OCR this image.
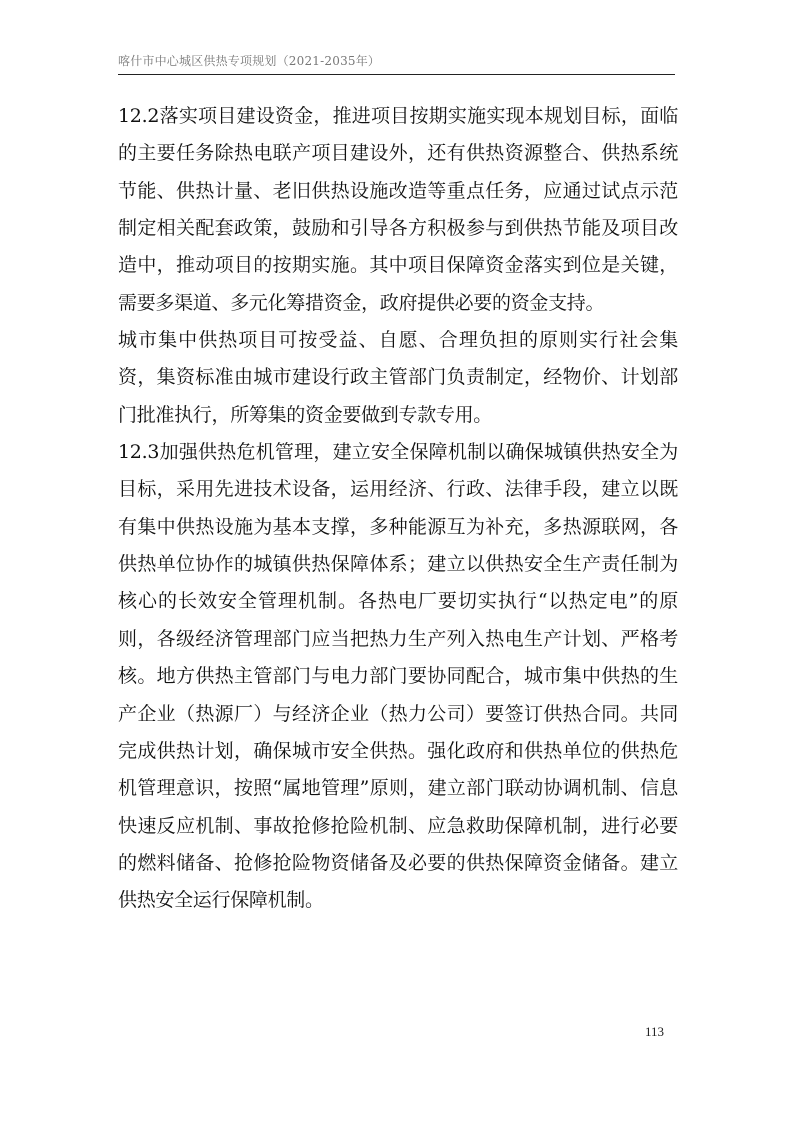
喀什市中心城区供热专项规划（2021-2035年）

12.2落实项目建设资金，推进项目按期实施实现本规划目标，面临的主要任务除热电联产项目建设外，还有供热资源整合、供热系统节能、供热计量、老旧供热设施改造等重点任务，应通过试点示范制定相关配套政策，鼓励和引导各方积极参与到供热节能及项目改造中，推动项目的按期实施。其中项目保障资金落实到位是关键，需要多渠道、多元化筹措资金，政府提供必要的资金支持。

城市集中供热项目可按受益、自愿、合理负担的原则实行社会集资，集资标准由城市建设行政主管部门负责制定，经物价、计划部门批准执行，所筹集的资金要做到专款专用。

12.3加强供热危机管理，建立安全保障机制以确保城镇供热安全为目标，采用先进技术设备，运用经济、行政、法律手段，建立以既有集中供热设施为基本支撑，多种能源互为补充，多热源联网，各供热单位协作的城镇供热保障体系；建立以供热安全生产责任制为核心的长效安全管理机制。各热电厂要切实执行“以热定电”的原则，各级经济管理部门应当把热力生产列入热电生产计划、严格考核。地方供热主管部门与电力部门要协同配合，城市集中供热的生产企业（热源厂）与经济企业（热力公司）要签订供热合同。共同完成供热计划，确保城市安全供热。强化政府和供热单位的供热危机管理意识，按照“属地管理”原则，建立部门联动协调机制、信息快速反应机制、事故抢修抢险机制、应急救助保障机制，进行必要的燃料储备、抢修抢险物资储备及必要的供热保障资金储备。建立供热安全运行保障机制。

113
